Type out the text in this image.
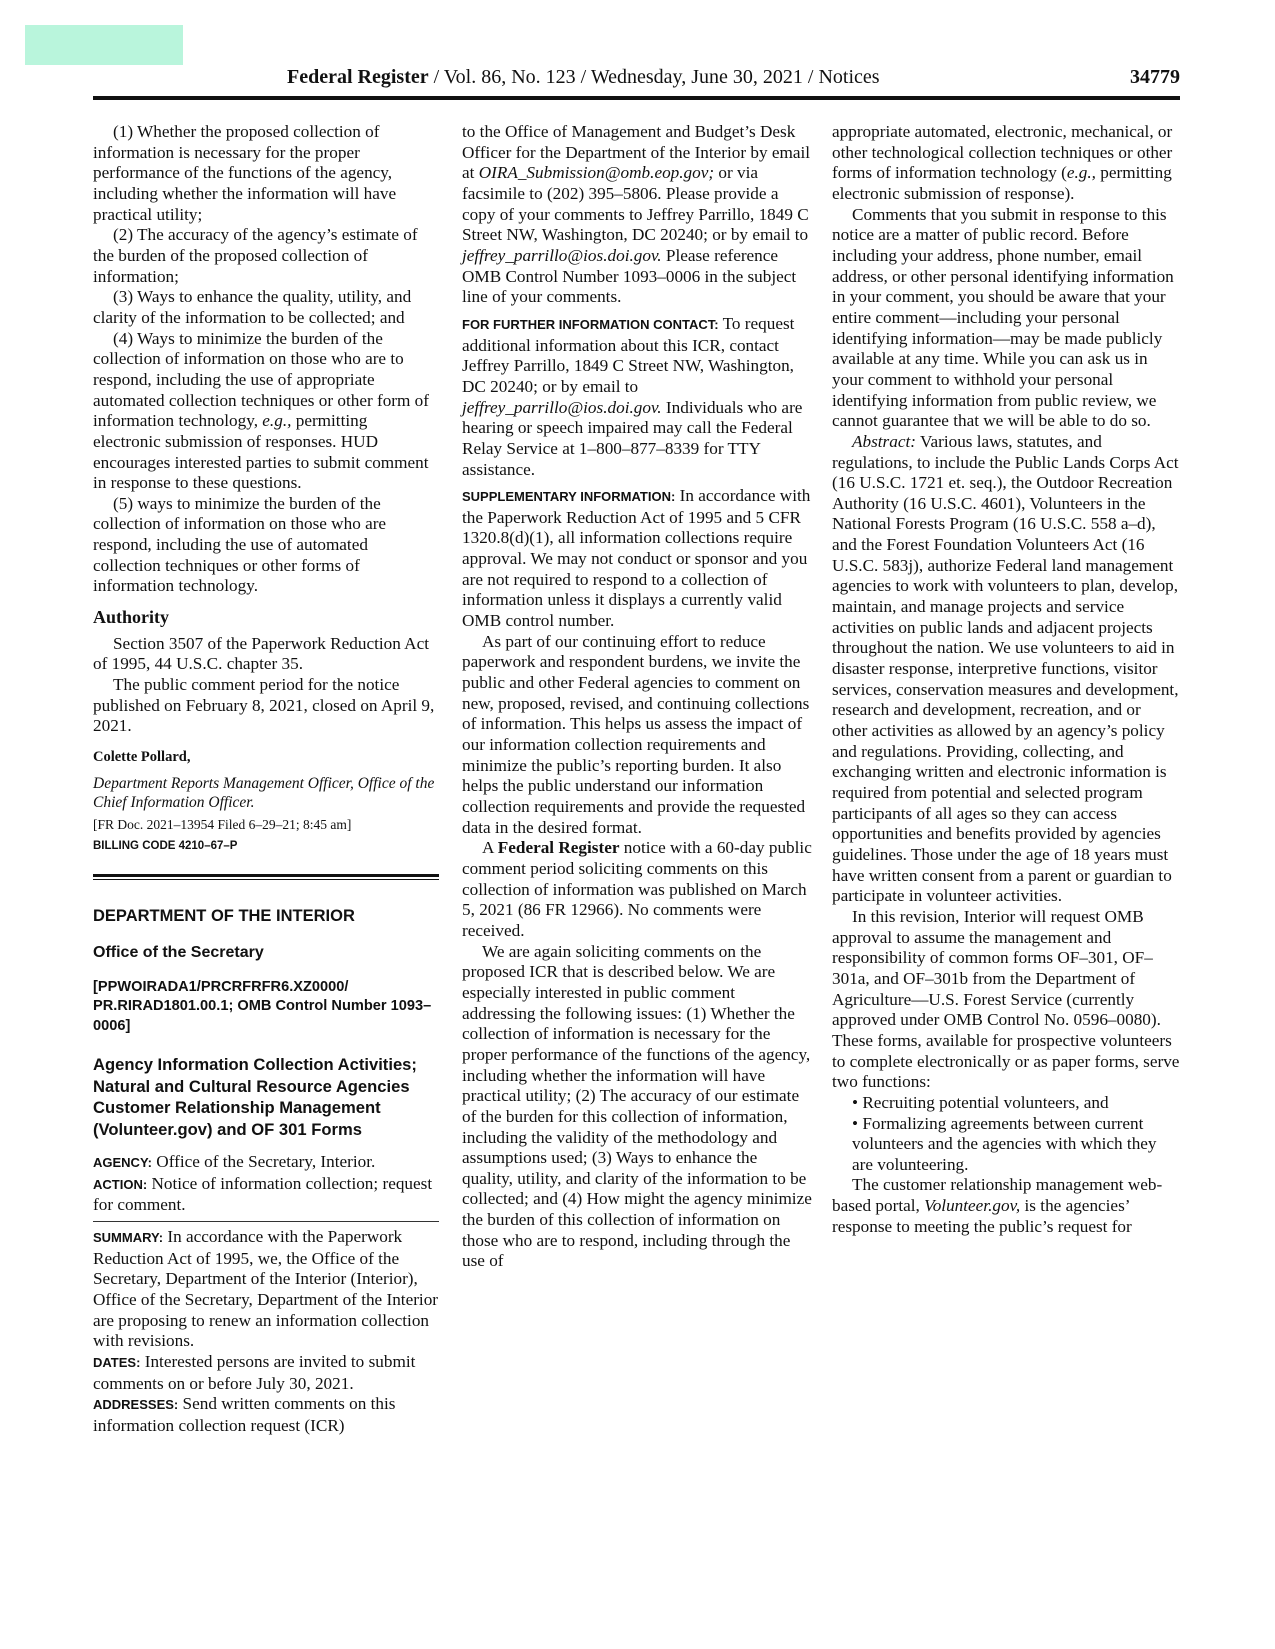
Federal Register / Vol. 86, No. 123 / Wednesday, June 30, 2021 / Notices	34779

(1) Whether the proposed collection of information is necessary for the proper performance of the functions of the agency, including whether the information will have practical utility;

(2) The accuracy of the agency’s estimate of the burden of the proposed collection of information;

(3) Ways to enhance the quality, utility, and clarity of the information to be collected; and

(4) Ways to minimize the burden of the collection of information on those who are to respond, including the use of appropriate automated collection techniques or other form of information technology, e.g., permitting electronic submission of responses. HUD encourages interested parties to submit comment in response to these questions.

(5) ways to minimize the burden of the collection of information on those who are respond, including the use of automated collection techniques or other forms of information technology.

Authority

Section 3507 of the Paperwork Reduction Act of 1995, 44 U.S.C. chapter 35.

The public comment period for the notice published on February 8, 2021, closed on April 9, 2021.

Colette Pollard,
Department Reports Management Officer, Office of the Chief Information Officer.
[FR Doc. 2021–13954 Filed 6–29–21; 8:45 am]
BILLING CODE 4210–67–P
DEPARTMENT OF THE INTERIOR
Office of the Secretary
[PPWOIRADA1/PRCRFRFR6.XZ0000/ PR.RIRAD1801.00.1; OMB Control Number 1093–0006]
Agency Information Collection Activities; Natural and Cultural Resource Agencies Customer Relationship Management (Volunteer.gov) and OF 301 Forms

AGENCY: Office of the Secretary, Interior.

ACTION: Notice of information collection; request for comment.

SUMMARY: In accordance with the Paperwork Reduction Act of 1995, we, the Office of the Secretary, Department of the Interior (Interior), Office of the Secretary, Department of the Interior are proposing to renew an information collection with revisions.

DATES: Interested persons are invited to submit comments on or before July 30, 2021.

ADDRESSES: Send written comments on this information collection request (ICR)

to the Office of Management and Budget’s Desk Officer for the Department of the Interior by email at OIRA_Submission@omb.eop.gov; or via facsimile to (202) 395–5806. Please provide a copy of your comments to Jeffrey Parrillo, 1849 C Street NW, Washington, DC 20240; or by email to jeffrey_parrillo@ios.doi.gov. Please reference OMB Control Number 1093–0006 in the subject line of your comments.

FOR FURTHER INFORMATION CONTACT: To request additional information about this ICR, contact Jeffrey Parrillo, 1849 C Street NW, Washington, DC 20240; or by email to jeffrey_parrillo@ios.doi.gov. Individuals who are hearing or speech impaired may call the Federal Relay Service at 1–800–877–8339 for TTY assistance.

SUPPLEMENTARY INFORMATION: In accordance with the Paperwork Reduction Act of 1995 and 5 CFR 1320.8(d)(1), all information collections require approval. We may not conduct or sponsor and you are not required to respond to a collection of information unless it displays a currently valid OMB control number.

As part of our continuing effort to reduce paperwork and respondent burdens, we invite the public and other Federal agencies to comment on new, proposed, revised, and continuing collections of information. This helps us assess the impact of our information collection requirements and minimize the public’s reporting burden. It also helps the public understand our information collection requirements and provide the requested data in the desired format.

A Federal Register notice with a 60-day public comment period soliciting comments on this collection of information was published on March 5, 2021 (86 FR 12966). No comments were received.

We are again soliciting comments on the proposed ICR that is described below. We are especially interested in public comment addressing the following issues: (1) Whether the collection of information is necessary for the proper performance of the functions of the agency, including whether the information will have practical utility; (2) The accuracy of our estimate of the burden for this collection of information, including the validity of the methodology and assumptions used; (3) Ways to enhance the quality, utility, and clarity of the information to be collected; and (4) How might the agency minimize the burden of this collection of information on those who are to respond, including through the use of

appropriate automated, electronic, mechanical, or other technological collection techniques or other forms of information technology (e.g., permitting electronic submission of response).

Comments that you submit in response to this notice are a matter of public record. Before including your address, phone number, email address, or other personal identifying information in your comment, you should be aware that your entire comment—including your personal identifying information—may be made publicly available at any time. While you can ask us in your comment to withhold your personal identifying information from public review, we cannot guarantee that we will be able to do so.

Abstract: Various laws, statutes, and regulations, to include the Public Lands Corps Act (16 U.S.C. 1721 et. seq.), the Outdoor Recreation Authority (16 U.S.C. 4601), Volunteers in the National Forests Program (16 U.S.C. 558 a–d), and the Forest Foundation Volunteers Act (16 U.S.C. 583j), authorize Federal land management agencies to work with volunteers to plan, develop, maintain, and manage projects and service activities on public lands and adjacent projects throughout the nation. We use volunteers to aid in disaster response, interpretive functions, visitor services, conservation measures and development, research and development, recreation, and or other activities as allowed by an agency’s policy and regulations. Providing, collecting, and exchanging written and electronic information is required from potential and selected program participants of all ages so they can access opportunities and benefits provided by agencies guidelines. Those under the age of 18 years must have written consent from a parent or guardian to participate in volunteer activities.

In this revision, Interior will request OMB approval to assume the management and responsibility of common forms OF–301, OF–301a, and OF–301b from the Department of Agriculture—U.S. Forest Service (currently approved under OMB Control No. 0596–0080). These forms, available for prospective volunteers to complete electronically or as paper forms, serve two functions:

• Recruiting potential volunteers, and

• Formalizing agreements between current volunteers and the agencies with which they are volunteering.

The customer relationship management web-based portal, Volunteer.gov, is the agencies’ response to meeting the public’s request for
